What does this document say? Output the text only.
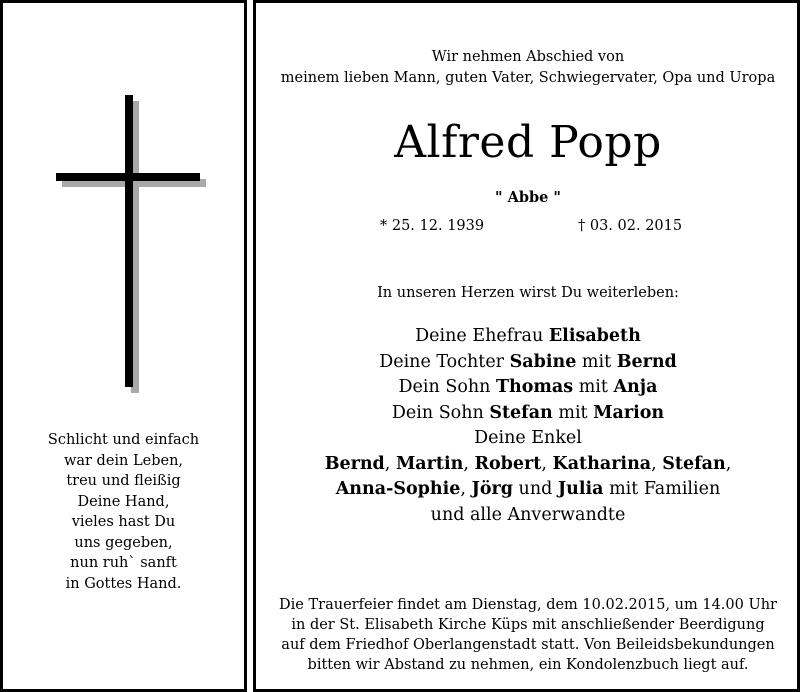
Schlicht und einfach
war dein Leben,
treu und fleißig
Deine Hand,
vieles hast Du
uns gegeben,
nun ruh` sanft
in Gottes Hand.
Wir nehmen Abschied von
meinem lieben Mann, guten Vater, Schwiegervater, Opa und Uropa
Alfred Popp
" Abbe "
* 25. 12. 1939	† 03. 02. 2015
In unseren Herzen wirst Du weiterleben:
Deine Ehefrau Elisabeth
Deine Tochter Sabine mit Bernd
Dein Sohn Thomas mit Anja
Dein Sohn Stefan mit Marion
Deine Enkel
Bernd, Martin, Robert, Katharina, Stefan,
Anna-Sophie, Jörg und Julia mit Familien
und alle Anverwandte
Die Trauerfeier findet am Dienstag, dem 10.02.2015, um 14.00 Uhr
in der St. Elisabeth Kirche Küps mit anschließender Beerdigung
auf dem Friedhof Oberlangenstadt statt. Von Beileidsbekundungen
bitten wir Abstand zu nehmen, ein Kondolenzbuch liegt auf.
